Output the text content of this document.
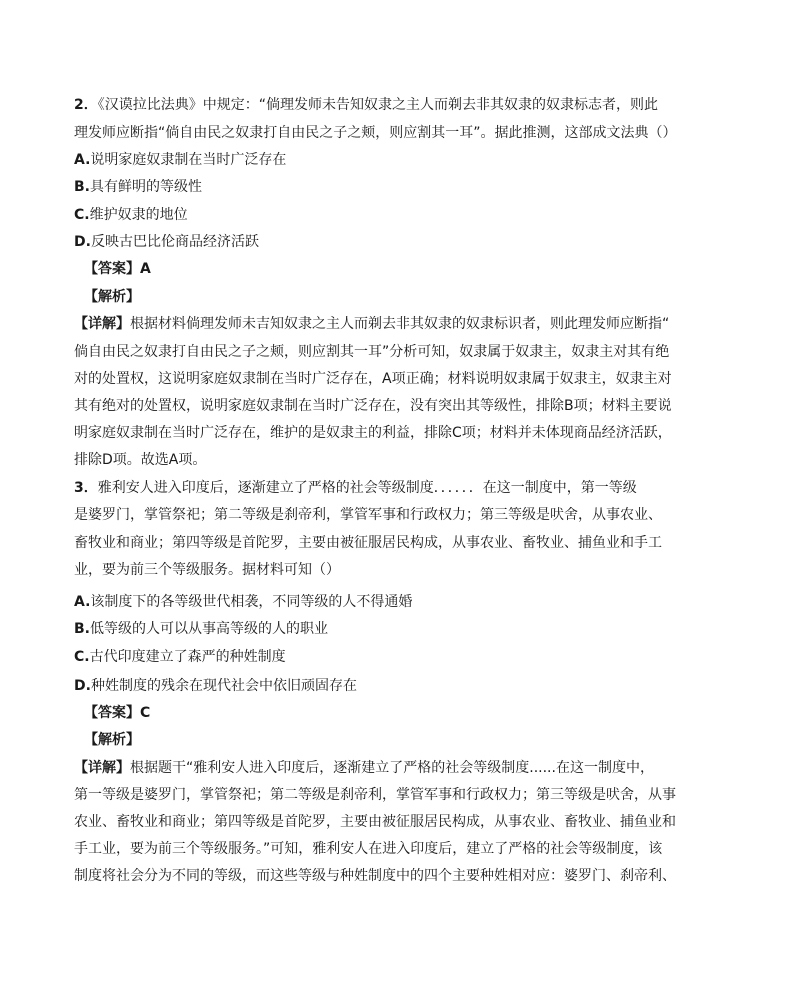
2．《汉谟拉比法典》中规定：“倘理发师未告知奴隶之主人而剃去非其奴隶的奴隶标志者，则此
理发师应断指“倘自由民之奴隶打自由民之子之颊，则应割其一耳”。据此推测，这部成文法典（）
A.说明家庭奴隶制在当时广泛存在
B.具有鲜明的等级性
C.维护奴隶的地位
D.反映古巴比伦商品经济活跃
【答案】A
【解析】
【详解】根据材料倘理发师未吉知奴隶之主人而剃去非其奴隶的奴隶标识者，则此理发师应断指“
倘自由民之奴隶打自由民之子之颊，则应割其一耳”分析可知，奴隶属于奴隶主，奴隶主对其有绝
对的处置权，这说明家庭奴隶制在当时广泛存在，A项正确；材料说明奴隶属于奴隶主，奴隶主对
其有绝对的处置权，说明家庭奴隶制在当时广泛存在，没有突出其等级性，排除B项；材料主要说
明家庭奴隶制在当时广泛存在，维护的是奴隶主的利益，排除C项；材料并未体现商品经济活跃，
排除D项。故选A项。
3．雅利安人进入印度后，逐渐建立了严格的社会等级制度．．．．．．在这一制度中，第一等级
是婆罗门，掌管祭祀；第二等级是刹帝利，掌管军事和行政权力；第三等级是吠舍，从事农业、
畜牧业和商业；第四等级是首陀罗，主要由被征服居民构成，从事农业、畜牧业、捕鱼业和手工
业，要为前三个等级服务。据材料可知（）
A.该制度下的各等级世代相袭，不同等级的人不得通婚
B.低等级的人可以从事高等级的人的职业
C.古代印度建立了森严的种姓制度
D.种姓制度的残余在现代社会中依旧顽固存在
【答案】C
【解析】
【详解】根据题干“雅利安人进入印度后，逐渐建立了严格的社会等级制度......在这一制度中，
第一等级是婆罗门，掌管祭祀；第二等级是刹帝利，掌管军事和行政权力；第三等级是吠舍，从事
农业、畜牧业和商业；第四等级是首陀罗，主要由被征服居民构成，从事农业、畜牧业、捕鱼业和
手工业，要为前三个等级服务。”可知，雅利安人在进入印度后，建立了严格的社会等级制度，该
制度将社会分为不同的等级，而这些等级与种姓制度中的四个主要种姓相对应：婆罗门、刹帝利、
